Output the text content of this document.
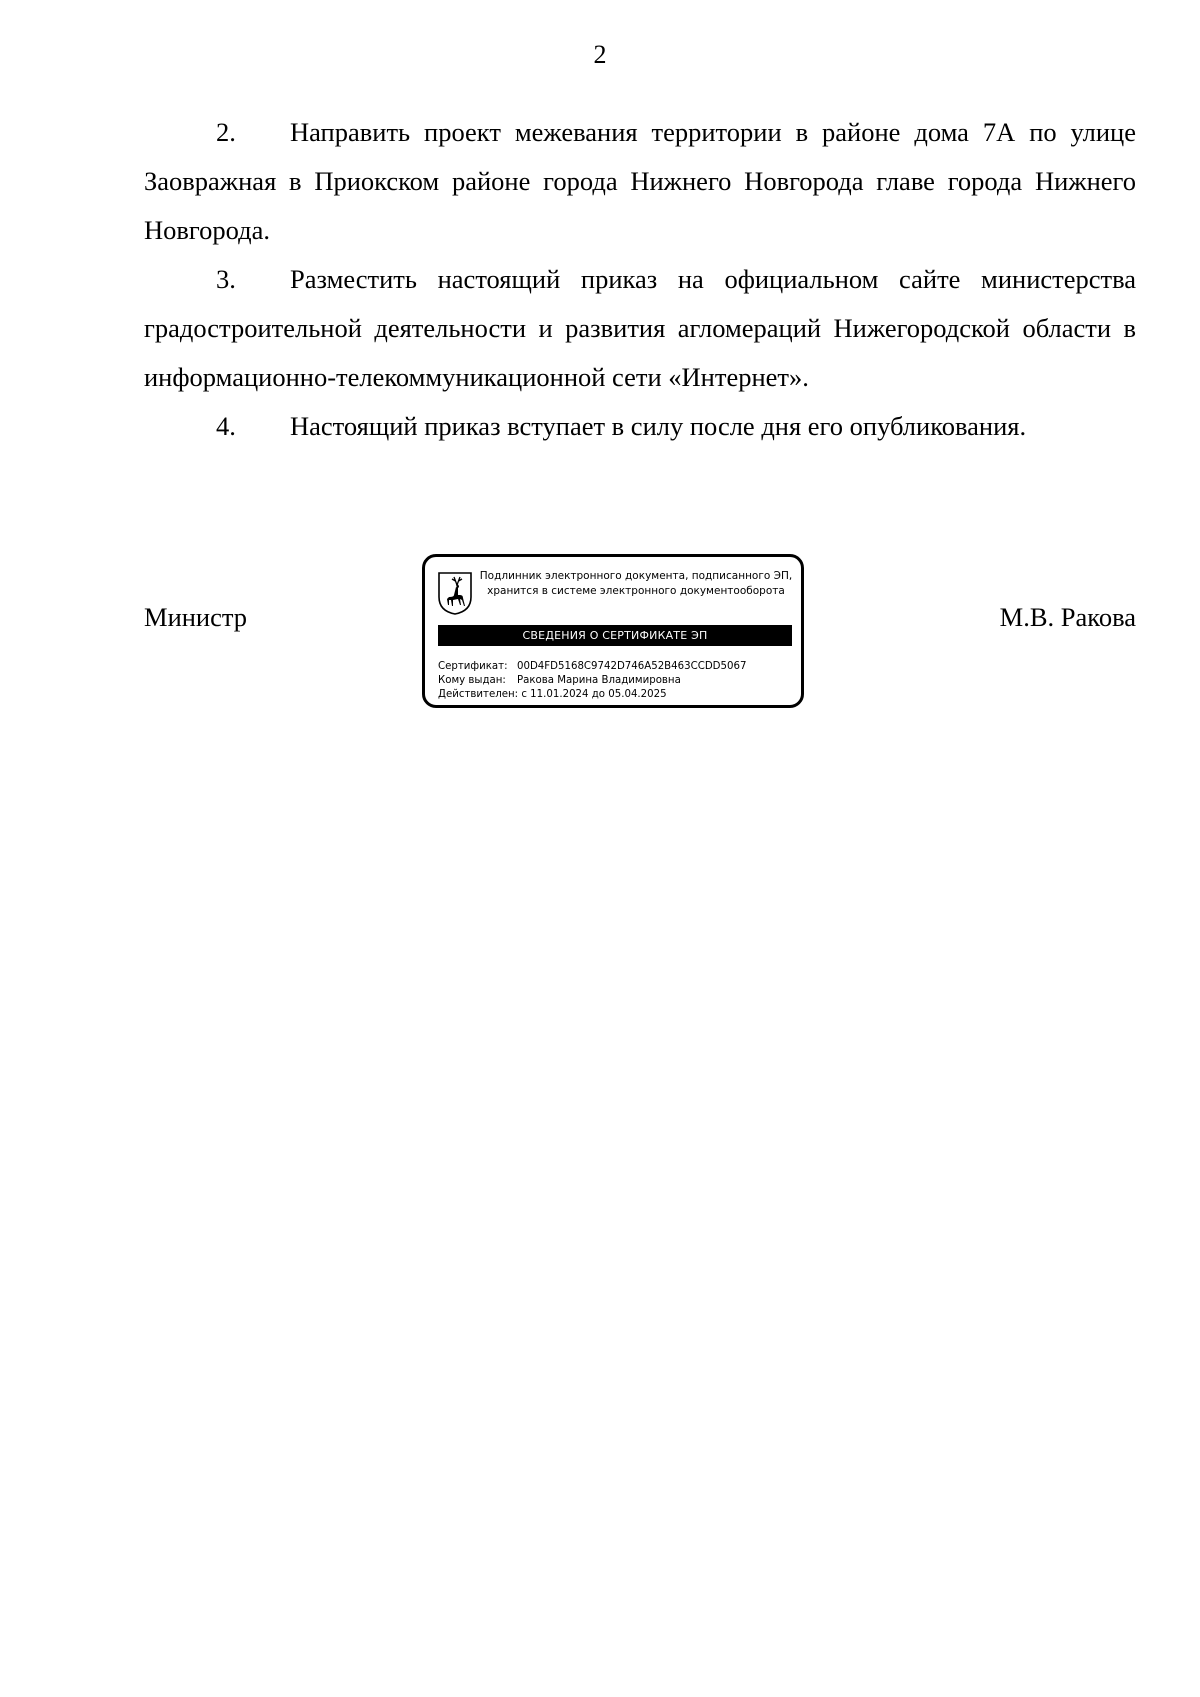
2
2. Направить проект межевания территории в районе дома 7А по улице Заовражная в Приокском районе города Нижнего Новгорода главе города Нижнего Новгорода.
3. Разместить настоящий приказ на официальном сайте министерства градостроительной деятельности и развития агломераций Нижегородской области в информационно-телекоммуникационной сети «Интернет».
4. Настоящий приказ вступает в силу после дня его опубликования.
Министр
Подлинник электронного документа, подписанного ЭП,
хранится в системе электронного документооборота
СВЕДЕНИЯ О СЕРТИФИКАТЕ ЭП
Сертификат: 00D4FD5168C9742D746A52B463CCDD5067
Кому выдан: Ракова Марина Владимировна
Действителен: с 11.01.2024 до 05.04.2025
М.В. Ракова
